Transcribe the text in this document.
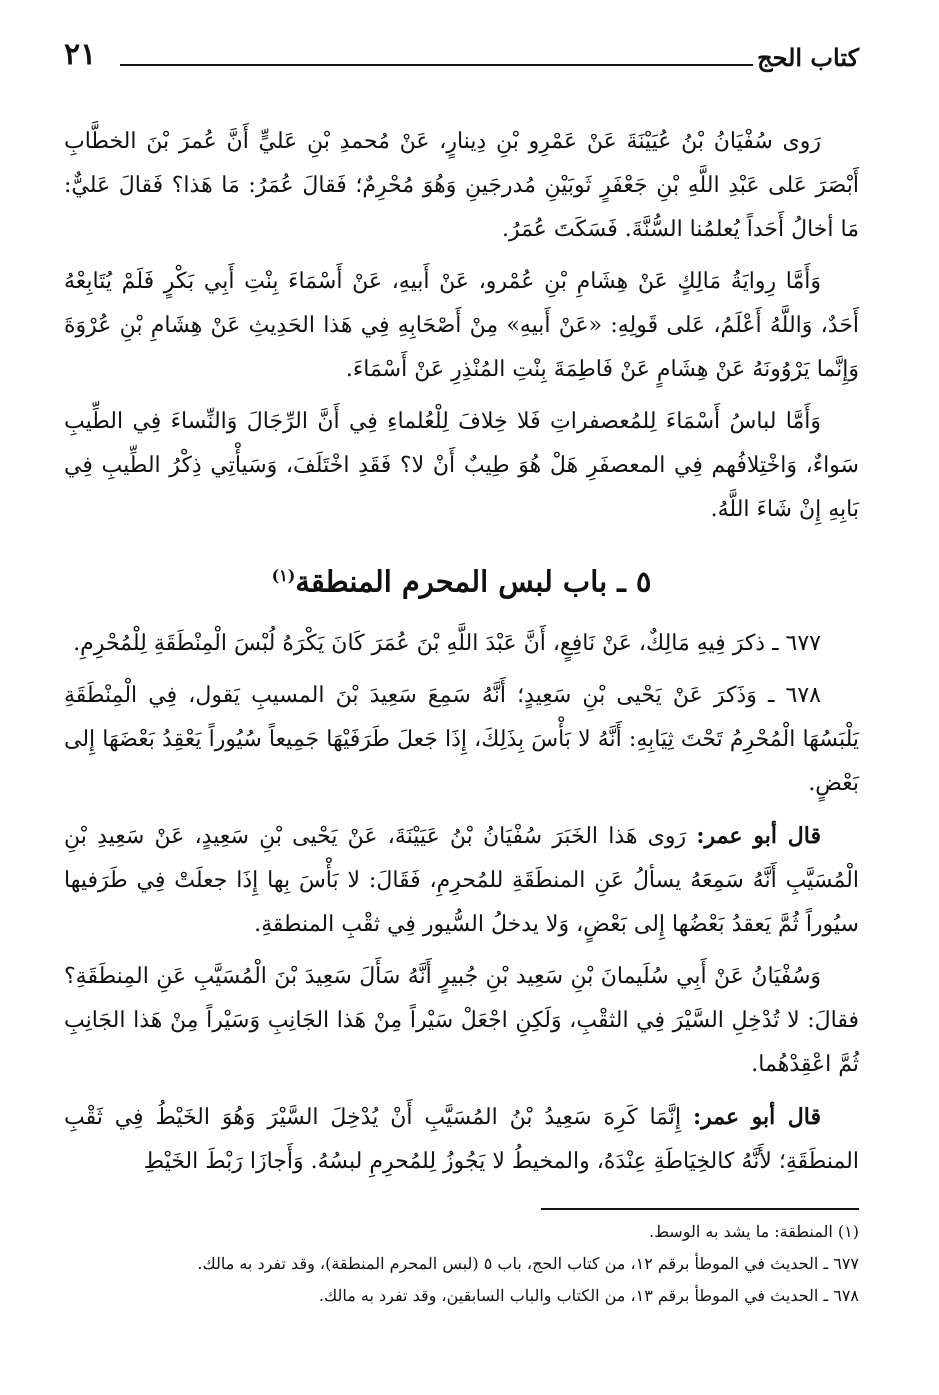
كتاب الحج
٢١

رَوى سُفْيَانُ بْنُ عُيَيْنَةَ عَنْ عَمْرِو بْنِ دِينارٍ، عَنْ مُحمدِ بْنِ عَليٍّ أَنَّ عُمرَ بْنَ الخطَّابِ أَبْصَرَ عَلى عَبْدِ اللَّهِ بْنِ جَعْفَرٍ ثَوبَيْنِ مُدرجَينِ وَهُوَ مُحْرِمٌ؛ فَقالَ عُمَرُ: مَا هَذا؟ فَقالَ عَليٌّ: مَا أخالُ أَحَداً يُعلمُنا السُّنَّةَ. فَسَكَتَ عُمَرُ.

وَأَمَّا رِوايَةُ مَالِكٍ عَنْ هِشَامِ بْنِ عُمْرو، عَنْ أَبيهِ، عَنْ أَسْمَاءَ بِنْتِ أَبِي بَكْرٍ فَلَمْ يُتَابِعْهُ أَحَدٌ، وَاللَّهُ أَعْلَمُ، عَلى قَولِهِ: «عَنْ أَبيهِ» مِنْ أَصْحَابِهِ فِي هَذا الحَدِيثِ عَنْ هِشَامِ بْنِ عُرْوَةَ وَإِنَّما يَرْوُونَهُ عَنْ هِشَامٍ عَنْ فَاطِمَةَ بِنْتِ المُنْذِرِ عَنْ أَسْمَاءَ.

وَأَمَّا لباسُ أَسْمَاءَ لِلمُعصفراتِ فَلا خِلافَ لِلْعُلماءِ فِي أَنَّ الرِّجَالَ وَالنِّساءَ فِي الطِّيبِ سَواءٌ، وَاخْتِلافُهم فِي المعصفَرِ هَلْ هُوَ طِيبٌ أَنْ لا؟ فَقَدِ اخْتَلَفَ، وَسَيأْتِي ذِكْرُ الطِّيبِ فِي بَابِهِ إِنْ شَاءَ اللَّهُ.

٥ ـ باب لبس المحرم المنطقة$^{(١)}$

٦٧٧ ـ ذكرَ فِيهِ مَالِكٌ، عَنْ نَافِعٍ، أَنَّ عَبْدَ اللَّهِ بْنَ عُمَرَ كَانَ يَكْرَهُ لُبْسَ الْمِنْطَقَةِ لِلْمُحْرِمِ.

٦٧٨ ـ وَذَكرَ عَنْ يَحْيى بْنِ سَعِيدٍ؛ أَنَّهُ سَمِعَ سَعِيدَ بْنَ المسيبِ يَقول، فِي الْمِنْطَقَةِ يَلْبَسُهَا الْمُحْرِمُ تَحْتَ ثِيَابِهِ: أَنَّهُ لا بَأْسَ بِذَلِكَ، إِذَا جَعلَ طَرَفَيْهَا جَمِيعاً سُيُوراً يَعْقِدُ بَعْضَهَا إِلى بَعْضٍ.

قال أبو عمر: رَوى هَذا الخَبَرَ سُفْيَانُ بْنُ عَيَيْنَةَ، عَنْ يَحْيى بْنِ سَعِيدٍ، عَنْ سَعِيدِ بْنِ الْمُسَيَّبِ أَنَّهُ سَمِعَهُ يسألُ عَنِ المنطَقَةِ للمُحرِمِ، فَقَالَ: لا بَأْسَ بِها إِذَا جعلَتْ فِي طَرَفيها سيُوراً ثُمَّ يَعقدُ بَعْضُها إِلى بَعْضٍ، وَلا يدخلُ السُّيور فِي ثقْبِ المنطقةِ.

وَسُفْيَانُ عَنْ أَبِي سُلَيمانَ بْنِ سَعِيد بْنِ جُبيرٍ أَنَّهُ سَأَلَ سَعِيدَ بْنَ الْمُسَيَّبِ عَنِ المِنطَقَةِ؟ فقالَ: لا تُدْخِلِ السَّيْرَ فِي الثقْبِ، وَلَكِنِ اجْعَلْ سَيْراً مِنْ هَذا الجَانِبِ وَسَيْراً مِنْ هَذا الجَانِبِ ثُمَّ اعْقِدْهُما.

قال أبو عمر: إِنَّمَا كَرِهَ سَعِيدُ بْنُ المُسَيَّبِ أَنْ يُدْخِلَ السَّيْرَ وَهُوَ الخَيْطُ فِي ثَقْبِ المنطَقَةِ؛ لأَنَّهُ كالخِيَاطَةِ عِنْدَهُ، والمخيطُ لا يَجُوزُ لِلمُحرِمِ لبسُهُ. وَأَجازَا رَبْطَ الخَيْطِ

(١) المنطقة: ما يشد به الوسط.

٦٧٧ ـ الحديث في الموطأ برقم ١٢، من كتاب الحج، باب ٥ (لبس المحرم المنطقة)، وقد تفرد به مالك.

٦٧٨ ـ الحديث في الموطأ برقم ١٣، من الكتاب والباب السابقين، وقد تفرد به مالك.
